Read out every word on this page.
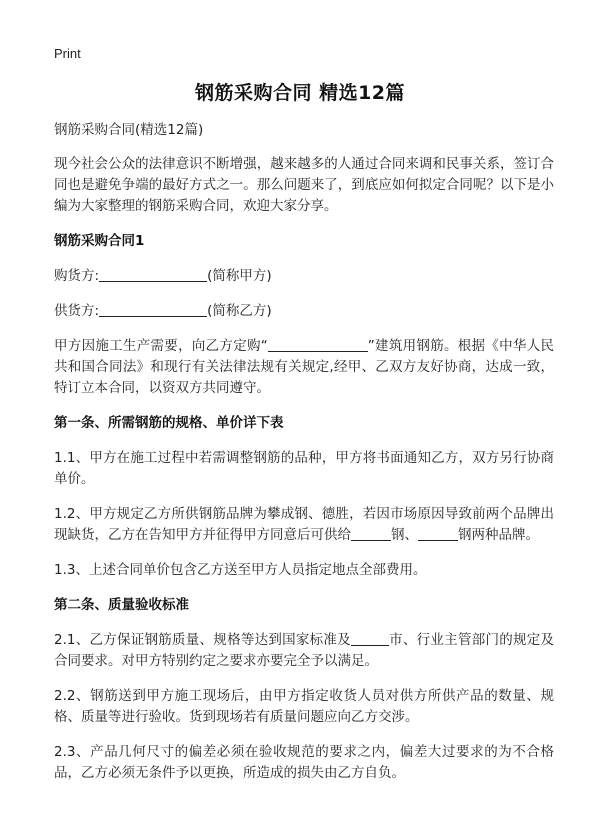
Print
钢筋采购合同 精选12篇

钢筋采购合同(精选12篇)

现今社会公众的法律意识不断增强，越来越多的人通过合同来调和民事关系，签订合同也是避免争端的最好方式之一。那么问题来了，到底应如何拟定合同呢？以下是小编为大家整理的钢筋采购合同，欢迎大家分享。

钢筋采购合同1

购货方:	(简称甲方)

供货方:	(简称乙方)

甲方因施工生产需要，向乙方定购“	”建筑用钢筋。根据《中华人民共和国合同法》和现行有关法律法规有关规定,经甲、乙双方友好协商，达成一致，特订立本合同，以资双方共同遵守。

第一条、所需钢筋的规格、单价详下表

1.1、甲方在施工过程中若需调整钢筋的品种，甲方将书面通知乙方，双方另行协商单价。

1.2、甲方规定乙方所供钢筋品牌为攀成钢、德胜，若因市场原因导致前两个品牌出现缺货，乙方在告知甲方并征得甲方同意后可供给	钢、	钢两种品牌。

1.3、上述合同单价包含乙方送至甲方人员指定地点全部费用。

第二条、质量验收标准

2.1、乙方保证钢筋质量、规格等达到国家标准及	市、行业主管部门的规定及合同要求。对甲方特别约定之要求亦要完全予以满足。

2.2、钢筋送到甲方施工现场后，由甲方指定收货人员对供方所供产品的数量、规格、质量等进行验收。货到现场若有质量问题应向乙方交涉。

2.3、产品几何尺寸的偏差必须在验收规范的要求之内，偏差大过要求的为不合格品，乙方必须无条件予以更换，所造成的损失由乙方自负。
